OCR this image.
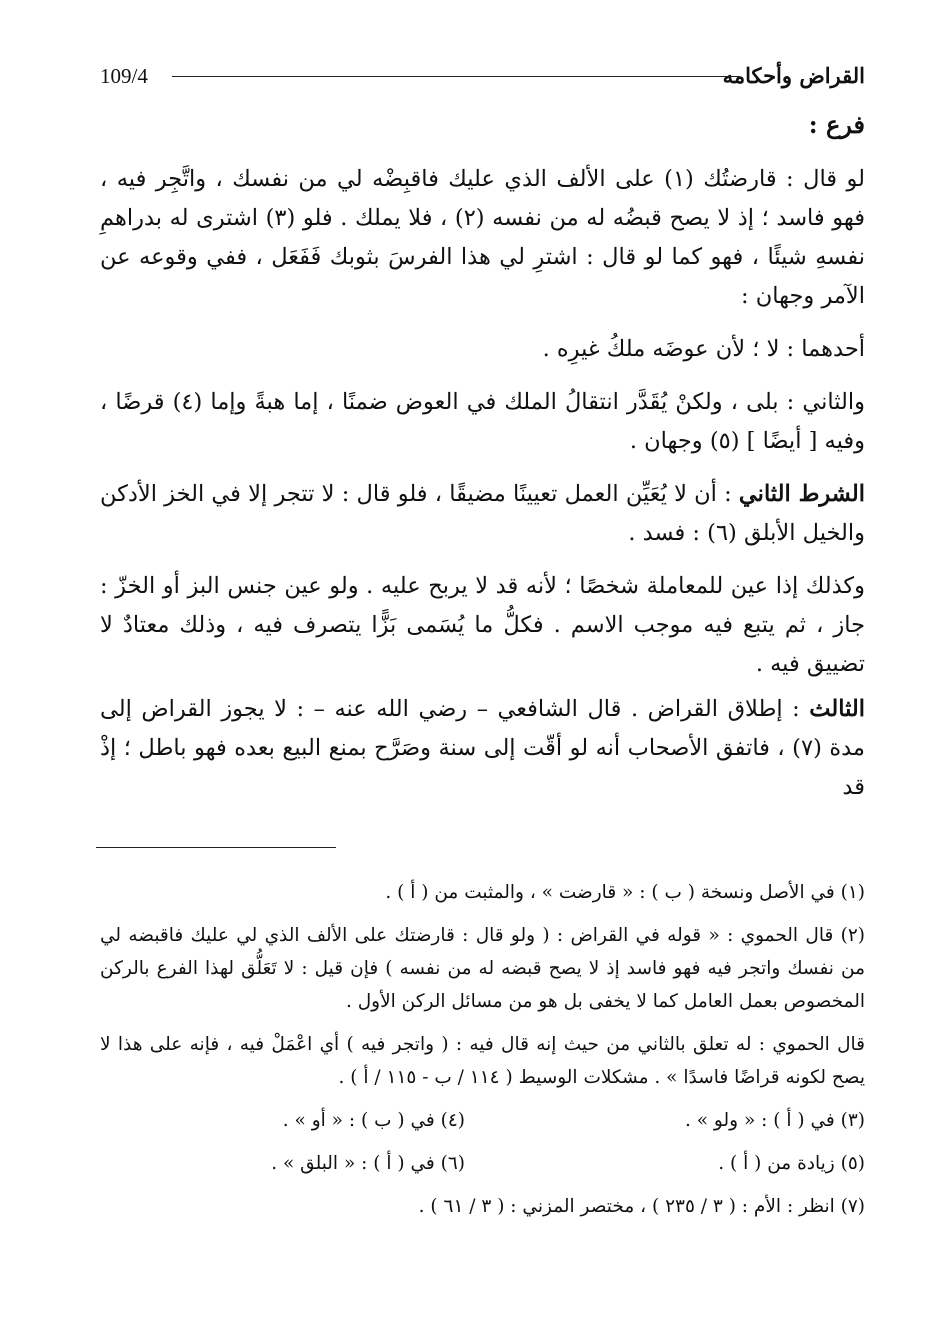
القراض وأحكامه
109/4
فرع :

لو قال : قارضتُك (١) على الألف الذي عليك فاقبِضْه لي من نفسك ، واتَّجِر فيه ، فهو فاسد ؛ إذ لا يصح قبضُه له من نفسه (٢) ، فلا يملك . فلو (٣) اشترى له بدراهمِ نفسهِ شيئًا ، فهو كما لو قال : اشترِ لي هذا الفرسَ بثوبك فَفَعَل ، ففي وقوعه عن الآمر وجهان :

أحدهما : لا ؛ لأن عوضَه ملكُ غيرِه .

والثاني : بلى ، ولكنْ يُقَدَّر انتقالُ الملك في العوض ضمنًا ، إما هبةً وإما (٤) قرضًا ، وفيه [ أيضًا ] (٥) وجهان .

الشرط الثاني : أن لا يُعَيِّن العمل تعيينًا مضيقًا ، فلو قال : لا تتجر إلا في الخز الأدكن والخيل الأبلق (٦) : فسد .

وكذلك إذا عين للمعاملة شخصًا ؛ لأنه قد لا يربح عليه . ولو عين جنس البز أو الخزّ : جاز ، ثم يتبع فيه موجب الاسم . فكلُّ ما يُسَمى بَزًّا يتصرف فيه ، وذلك معتادٌ لا تضييق فيه .

الثالث : إطلاق القراض . قال الشافعي – رضي الله عنه – : لا يجوز القراض إلى مدة (٧) ، فاتفق الأصحاب أنه لو أقّت إلى سنة وصَرَّح بمنع البيع بعده فهو باطل ؛ إذْ قد

(١) في الأصل ونسخة ( ب ) : « قارضت » ، والمثبت من ( أ ) .

(٢) قال الحموي : « قوله في القراض : ( ولو قال : قارضتك على الألف الذي لي عليك فاقبضه لي من نفسك واتجر فيه فهو فاسد إذ لا يصح قبضه له من نفسه ) فإن قيل : لا تَعَلُّق لهذا الفرع بالركن المخصوص بعمل العامل كما لا يخفى بل هو من مسائل الركن الأول .

قال الحموي : له تعلق بالثاني من حيث إنه قال فيه : ( واتجر فيه ) أي اعْمَلْ فيه ، فإنه على هذا لا يصح لكونه قراضًا فاسدًا » . مشكلات الوسيط ( ١١٤ / ب - ١١٥ / أ ) .

(٣) في ( أ ) : « ولو » .
(٤) في ( ب ) : « أو » .
(٥) زيادة من ( أ ) .
(٦) في ( أ ) : « البلق » .

(٧) انظر : الأم : ( ٣ / ٢٣٥ ) ، مختصر المزني : ( ٣ / ٦١ ) .
